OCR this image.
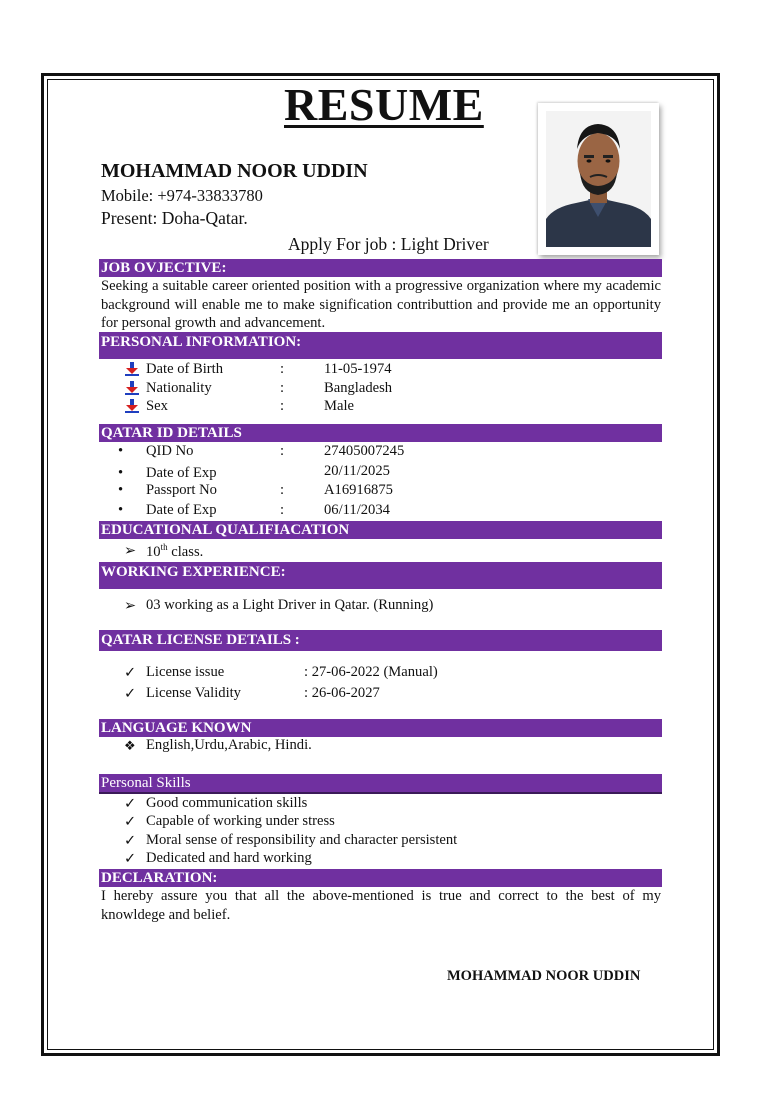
RESUME
MOHAMMAD NOOR UDDIN
Mobile: +974-33833780
Present: Doha-Qatar.
Apply For job : Light Driver
JOB OVJECTIVE:
Seeking a suitable career oriented position with a progressive organization where my academic background will enable me to make signification contributtion and provide me an opportunity for personal growth and advancement.
PERSONAL INFORMATION:
Date of Birth	:	11-05-1974
Nationality	:	Bangladesh
Sex	:	Male
QATAR ID DETAILS
• QID No	:	27405007245
• Date of Exp	20/11/2025
• Passport No	:	A16916875
• Date of Exp	:	06/11/2034
EDUCATIONAL QUALIFIACATION
➢ 10th class.
WORKING EXPERIENCE:
➢ 03 working as a Light Driver in Qatar. (Running)
QATAR LICENSE DETAILS :
✓ License issue	: 27-06-2022 (Manual)
✓ License Validity	: 26-06-2027
LANGUAGE KNOWN
❖ English,Urdu,Arabic, Hindi.
Personal Skills
✓ Good communication skills
✓ Capable of working under stress
✓ Moral sense of responsibility and character persistent
✓ Dedicated and hard working
DECLARATION:
I hereby assure you that all the above-mentioned is true and correct to the best of my knowldege and belief.
MOHAMMAD NOOR UDDIN
